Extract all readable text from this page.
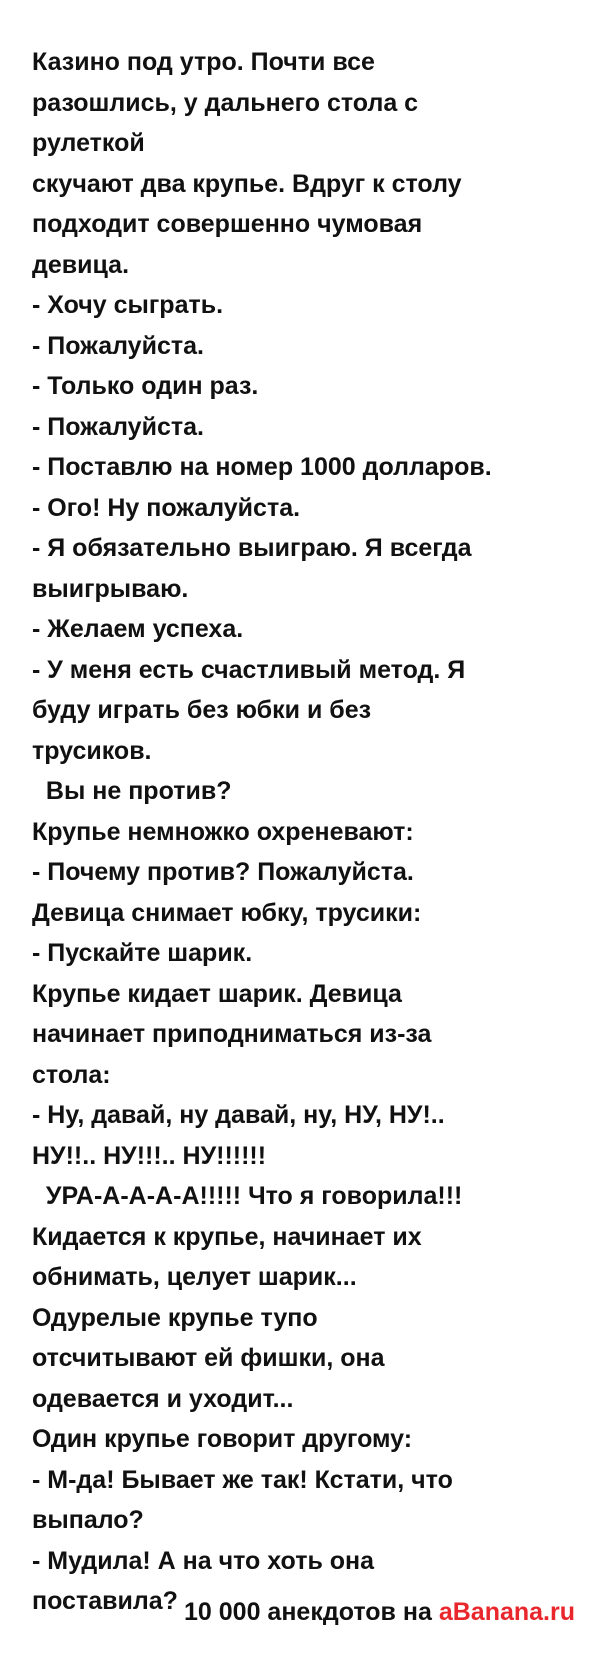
Казино под утро. Почти все
разошлись, у дальнего стола с
рулеткой
скучают два крупье. Вдруг к столу
подходит совершенно чумовая
девица.
- Хочу сыграть.
- Пожалуйста.
- Только один раз.
- Пожалуйста.
- Поставлю на номер 1000 долларов.
- Ого! Ну пожалуйста.
- Я обязательно выиграю. Я всегда
выигрываю.
- Желаем успеха.
- У меня есть счастливый метод. Я
буду играть без юбки и без
трусиков.
Вы не против?
Крупье немножко охреневают:
- Почему против? Пожалуйста.
Девица снимает юбку, трусики:
- Пускайте шарик.
Крупье кидает шарик. Девица
начинает приподниматься из-за
стола:
- Ну, давай, ну давай, ну, НУ, НУ!..
НУ!!.. НУ!!!.. НУ!!!!!!
УРА-А-А-А-А!!!!! Что я говорила!!!
Кидается к крупье, начинает их
обнимать, целует шарик...
Одурелые крупье тупо
отсчитывают ей фишки, она
одевается и уходит...
Один крупье говорит другому:
- М-да! Бывает же так! Кстати, что
выпало?
- Мудила! А на что хоть она
поставила? 10 000 анекдотов на aBanana.ru
